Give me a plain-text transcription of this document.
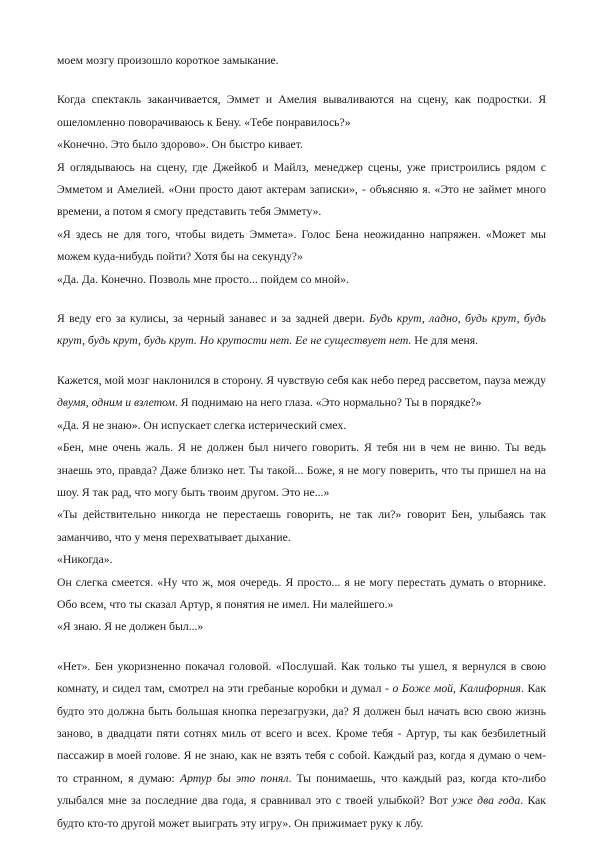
моем мозгу произошло короткое замыкание.

Когда спектакль заканчивается, Эммет и Амелия вываливаются на сцену, как подростки. Я ошеломленно поворачиваюсь к Бену. «Тебе понравилось?»

«Конечно. Это было здорово». Он быстро кивает.

Я оглядываюсь на сцену, где Джейкоб и Майлз, менеджер сцены, уже пристроились рядом с Эмметом и Амелией. «Они просто дают актерам записки», - объясняю я. «Это не займет много времени, а потом я смогу представить тебя Эммету».

«Я здесь не для того, чтобы видеть Эммета». Голос Бена неожиданно напряжен. «Может мы можем куда-нибудь пойти? Хотя бы на секунду?»

«Да. Да. Конечно. Позволь мне просто... пойдем со мной».

Я веду его за кулисы, за черный занавес и за задней двери. Будь крут, ладно, будь крут, будь крут, будь крут, будь крут. Но крутости нет. Ее не существует нет. Не для меня.

Кажется, мой мозг наклонился в сторону. Я чувствую себя как небо перед рассветом, пауза между двумя, одним и взлетом. Я поднимаю на него глаза. «Это нормально? Ты в порядке?»

«Да. Я не знаю». Он испускает слегка истерический смех.

«Бен, мне очень жаль. Я не должен был ничего говорить. Я тебя ни в чем не виню. Ты ведь знаешь это, правда? Даже близко нет. Ты такой... Боже, я не могу поверить, что ты пришел на на шоу. Я так рад, что могу быть твоим другом. Это не...»

«Ты действительно никогда не перестаешь говорить, не так ли?» говорит Бен, улыбаясь так заманчиво, что у меня перехватывает дыхание.

«Никогда».

Он слегка смеется. «Ну что ж, моя очередь. Я просто... я не могу перестать думать о вторнике. Обо всем, что ты сказал Артур, я понятия не имел. Ни малейшего.»

«Я знаю. Я не должен был...»

«Нет». Бен укоризненно покачал головой. «Послушай. Как только ты ушел, я вернулся в свою комнату, и сидел там, смотрел на эти гребаные коробки и думал - о Боже мой, Калифорния. Как будто это должна быть большая кнопка перезагрузки, да? Я должен был начать всю свою жизнь заново, в двадцати пяти сотнях миль от всего и всех. Кроме тебя - Артур, ты как безбилетный пассажир в моей голове. Я не знаю, как не взять тебя с собой. Каждый раз, когда я думаю о чем-то странном, я думаю: Артур бы это понял. Ты понимаешь, что каждый раз, когда кто-либо улыбался мне за последние два года, я сравнивал это с твоей улыбкой? Вот уже два года. Как будто кто-то другой может выиграть эту игру». Он прижимает руку к лбу.
